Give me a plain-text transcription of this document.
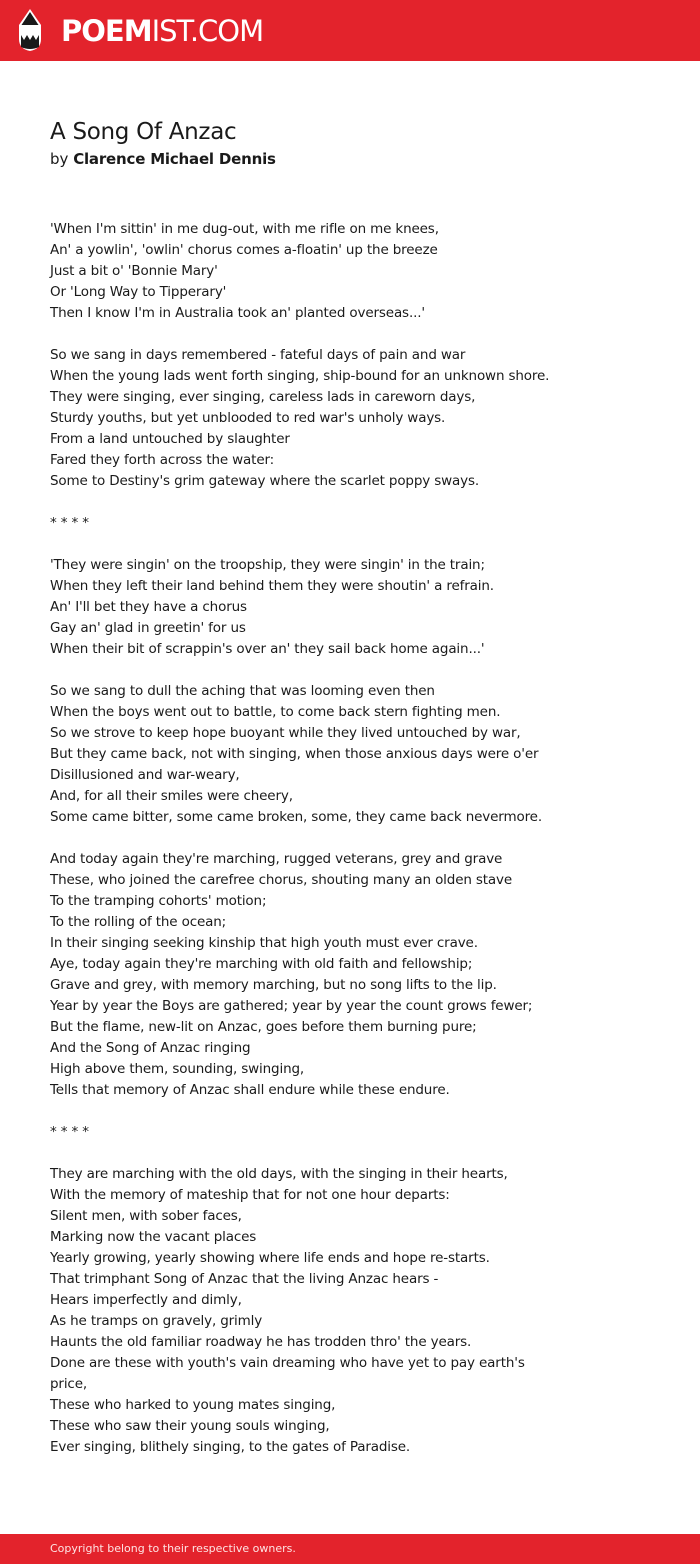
POEMIST.COM
A Song Of Anzac
by Clarence Michael Dennis
'When I'm sittin' in me dug-out, with me rifle on me knees,
An' a yowlin', 'owlin' chorus comes a-floatin' up the breeze
Just a bit o' 'Bonnie Mary'
Or 'Long Way to Tipperary'
Then I know I'm in Australia took an' planted overseas...'
So we sang in days remembered - fateful days of pain and war
When the young lads went forth singing, ship-bound for an unknown shore.
They were singing, ever singing, careless lads in careworn days,
Sturdy youths, but yet unblooded to red war's unholy ways.
From a land untouched by slaughter
Fared they forth across the water:
Some to Destiny's grim gateway where the scarlet poppy sways.
* * * *
'They were singin' on the troopship, they were singin' in the train;
When they left their land behind them they were shoutin' a refrain.
An' I'll bet they have a chorus
Gay an' glad in greetin' for us
When their bit of scrappin's over an' they sail back home again...'
So we sang to dull the aching that was looming even then
When the boys went out to battle, to come back stern fighting men.
So we strove to keep hope buoyant while they lived untouched by war,
But they came back, not with singing, when those anxious days were o'er
Disillusioned and war-weary,
And, for all their smiles were cheery,
Some came bitter, some came broken, some, they came back nevermore.
And today again they're marching, rugged veterans, grey and grave
These, who joined the carefree chorus, shouting many an olden stave
To the tramping cohorts' motion;
To the rolling of the ocean;
In their singing seeking kinship that high youth must ever crave.
Aye, today again they're marching with old faith and fellowship;
Grave and grey, with memory marching, but no song lifts to the lip.
Year by year the Boys are gathered; year by year the count grows fewer;
But the flame, new-lit on Anzac, goes before them burning pure;
And the Song of Anzac ringing
High above them, sounding, swinging,
Tells that memory of Anzac shall endure while these endure.
* * * *
They are marching with the old days, with the singing in their hearts,
With the memory of mateship that for not one hour departs:
Silent men, with sober faces,
Marking now the vacant places
Yearly growing, yearly showing where life ends and hope re-starts.
That trimphant Song of Anzac that the living Anzac hears -
Hears imperfectly and dimly,
As he tramps on gravely, grimly
Haunts the old familiar roadway he has trodden thro' the years.
Done are these with youth's vain dreaming who have yet to pay earth's
price,
These who harked to young mates singing,
These who saw their young souls winging,
Ever singing, blithely singing, to the gates of Paradise.
Copyright belong to their respective owners.
